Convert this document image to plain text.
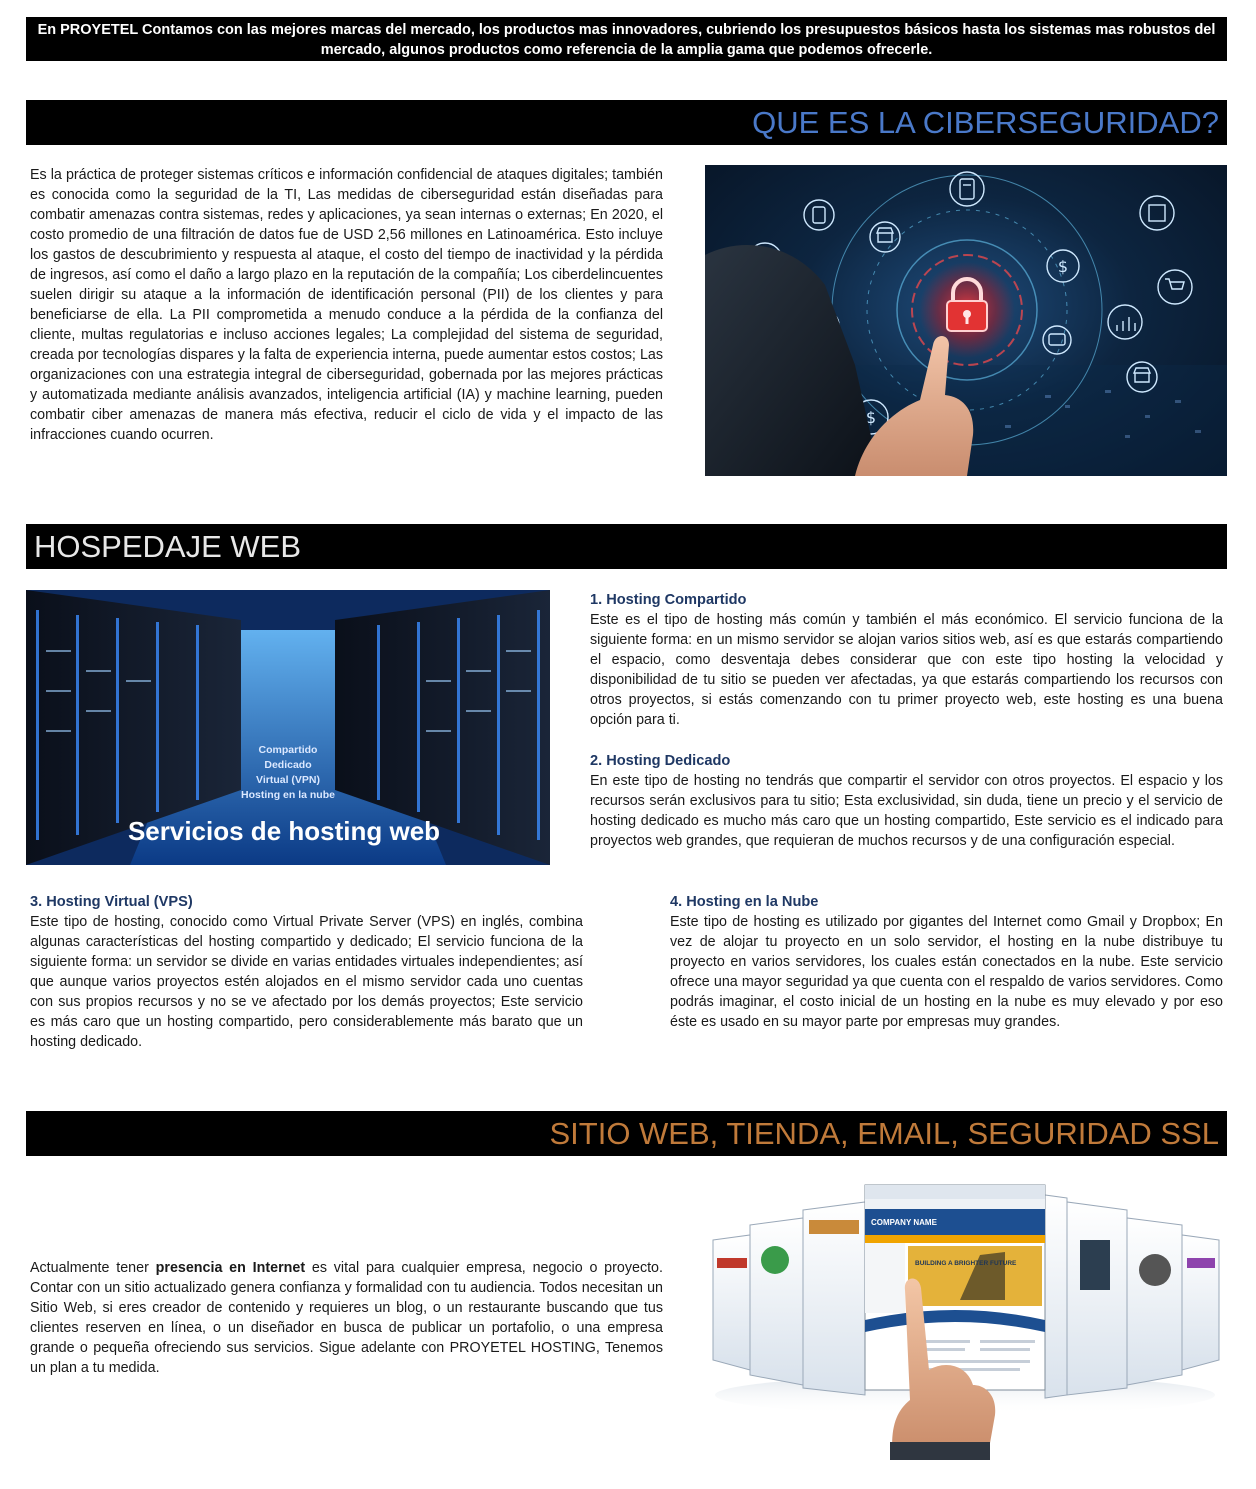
En PROYETEL Contamos con las mejores marcas del mercado, los productos mas innovadores, cubriendo los presupuestos básicos hasta los sistemas mas robustos del mercado, algunos productos como referencia de la amplia gama que podemos ofrecerle.
QUE ES LA CIBERSEGURIDAD?
Es la práctica de proteger sistemas críticos e información confidencial de ataques digitales; también es conocida como la seguridad de la TI, Las medidas de ciberseguridad están diseñadas para combatir amenazas contra sistemas, redes y aplicaciones, ya sean internas o externas; En 2020, el costo promedio de una filtración de datos fue de USD 2,56 millones en Latinoamérica. Esto incluye los gastos de descubrimiento y respuesta al ataque, el costo del tiempo de inactividad y la pérdida de ingresos, así como el daño a largo plazo en la reputación de la compañía; Los ciberdelincuentes suelen dirigir su ataque a la información de identificación personal (PII) de los clientes y para beneficiarse de ella. La PII comprometida a menudo conduce a la pérdida de la confianza del cliente, multas regulatorias e incluso acciones legales; La complejidad del sistema de seguridad, creada por tecnologías dispares y la falta de experiencia interna, puede aumentar estos costos; Las organizaciones con una estrategia integral de ciberseguridad, gobernada por las mejores prácticas y automatizada mediante análisis avanzados, inteligencia artificial (IA) y machine learning, pueden combatir ciber amenazas de manera más efectiva, reducir el ciclo de vida y el impacto de las infracciones cuando ocurren.
$
$
HOSPEDAJE WEB
Compartido
Dedicado
Virtual (VPN)
Hosting en la nube
Servicios de hosting web
1. Hosting Compartido
Este es el tipo de hosting más común y también el más económico. El servicio funciona de la siguiente forma: en un mismo servidor se alojan varios sitios web, así es que estarás compartiendo el espacio, como desventaja debes considerar que con este tipo hosting la velocidad y disponibilidad de tu sitio se pueden ver afectadas, ya que estarás compartiendo los recursos con otros proyectos, si estás comenzando con tu primer proyecto web, este hosting es una buena opción para ti.
2. Hosting Dedicado
En este tipo de hosting no tendrás que compartir el servidor con otros proyectos. El espacio y los recursos serán exclusivos para tu sitio; Esta exclusividad, sin duda, tiene un precio y el servicio de hosting dedicado es mucho más caro que un hosting compartido, Este servicio es el indicado para proyectos web grandes, que requieran de muchos recursos y de una configuración especial.
3. Hosting Virtual (VPS)
Este tipo de hosting, conocido como Virtual Private Server (VPS) en inglés, combina algunas características del hosting compartido y dedicado; El servicio funciona de la siguiente forma: un servidor se divide en varias entidades virtuales independientes; así que aunque varios proyectos estén alojados en el mismo servidor cada uno cuentas con sus propios recursos y no se ve afectado por los demás proyectos; Este servicio es más caro que un hosting compartido, pero considerablemente más barato que un hosting dedicado.
4. Hosting en la Nube
Este tipo de hosting es utilizado por gigantes del Internet como Gmail y Dropbox; En vez de alojar tu proyecto en un solo servidor, el hosting en la nube distribuye tu proyecto en varios servidores, los cuales están conectados en la nube. Este servicio ofrece una mayor seguridad ya que cuenta con el respaldo de varios servidores. Como podrás imaginar, el costo inicial de un hosting en la nube es muy elevado y por eso éste es usado en su mayor parte por empresas muy grandes.
SITIO WEB, TIENDA, EMAIL, SEGURIDAD SSL
Actualmente tener presencia en Internet es vital para cualquier empresa, negocio o proyecto. Contar con un sitio actualizado genera confianza y formalidad con tu audiencia. Todos necesitan un Sitio Web, si eres creador de contenido y requieres un blog, o un restaurante buscando que tus clientes reserven en línea, o un diseñador en busca de publicar un portafolio, o una empresa grande o pequeña ofreciendo sus servicios. Sigue adelante con PROYETEL HOSTING, Tenemos un plan a tu medida.
COMPANY NAME
BUILDING A BRIGHTER FUTURE
